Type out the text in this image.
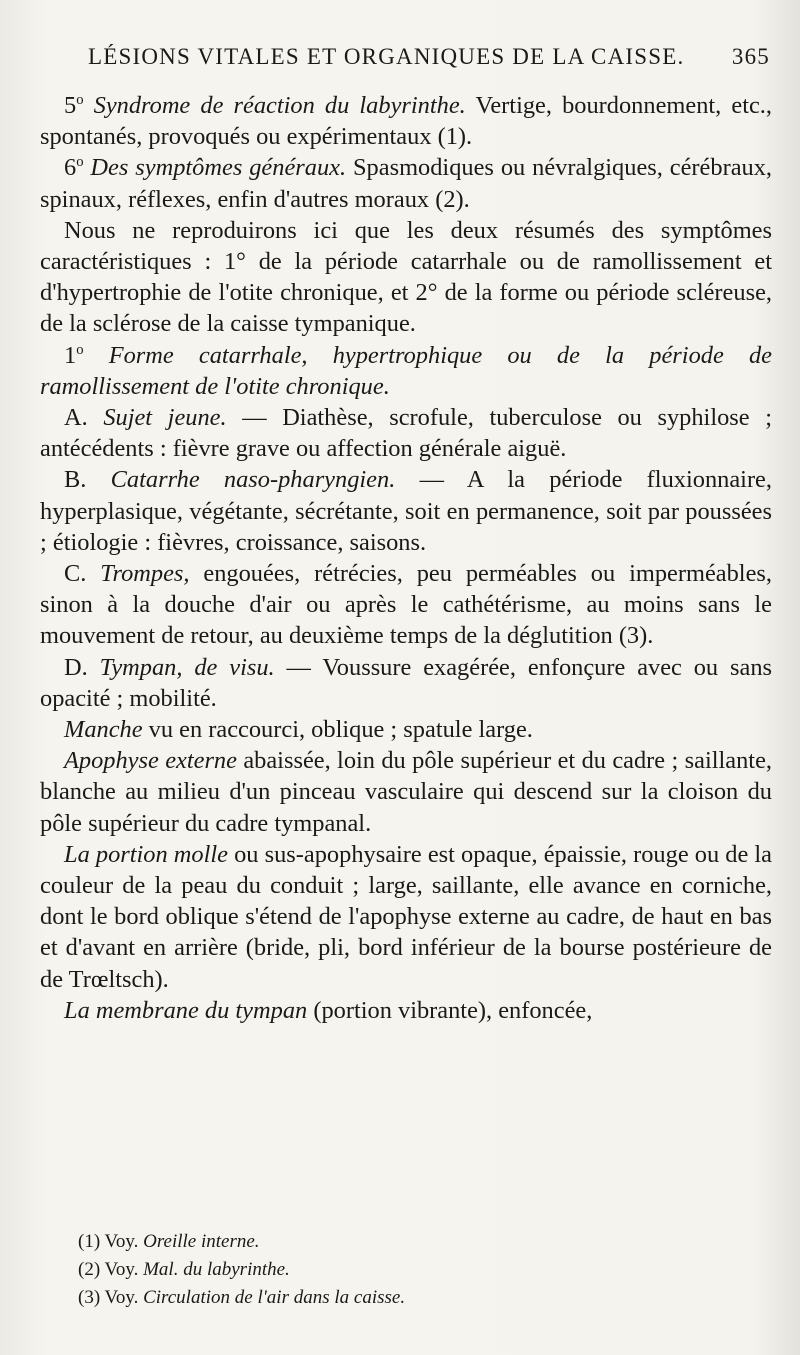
LÉSIONS VITALES ET ORGANIQUES DE LA CAISSE. 365

5$^o$ Syndrome de réaction du labyrinthe. Vertige, bourdonnement, etc., spontanés, provoqués ou expérimentaux (1).

6$^o$ Des symptômes généraux. Spasmodiques ou névralgiques, cérébraux, spinaux, réflexes, enfin d'autres moraux (2).

Nous ne reproduirons ici que les deux résumés des symptômes caractéristiques : 1° de la période catarrhale ou de ramollissement et d'hypertrophie de l'otite chronique, et 2° de la forme ou période scléreuse, de la sclérose de la caisse tympanique.

1$^o$ Forme catarrhale, hypertrophique ou de la période de ramollissement de l'otite chronique.

A. Sujet jeune. — Diathèse, scrofule, tuberculose ou syphilose ; antécédents : fièvre grave ou affection générale aiguë.

B. Catarrhe naso-pharyngien. — A la période fluxionnaire, hyperplasique, végétante, sécrétante, soit en permanence, soit par poussées ; étiologie : fièvres, croissance, saisons.

C. Trompes, engouées, rétrécies, peu perméables ou imperméables, sinon à la douche d'air ou après le cathétérisme, au moins sans le mouvement de retour, au deuxième temps de la déglutition (3).

D. Tympan, de visu. — Voussure exagérée, enfonçure avec ou sans opacité ; mobilité.

Manche vu en raccourci, oblique ; spatule large.

Apophyse externe abaissée, loin du pôle supérieur et du cadre ; saillante, blanche au milieu d'un pinceau vasculaire qui descend sur la cloison du pôle supérieur du cadre tympanal.

La portion molle ou sus-apophysaire est opaque, épaissie, rouge ou de la couleur de la peau du conduit ; large, saillante, elle avance en corniche, dont le bord oblique s'étend de l'apophyse externe au cadre, de haut en bas et d'avant en arrière (bride, pli, bord inférieur de la bourse postérieure de de Trœltsch).

La membrane du tympan (portion vibrante), enfoncée,

(1) Voy. Oreille interne.

(2) Voy. Mal. du labyrinthe.

(3) Voy. Circulation de l'air dans la caisse.
